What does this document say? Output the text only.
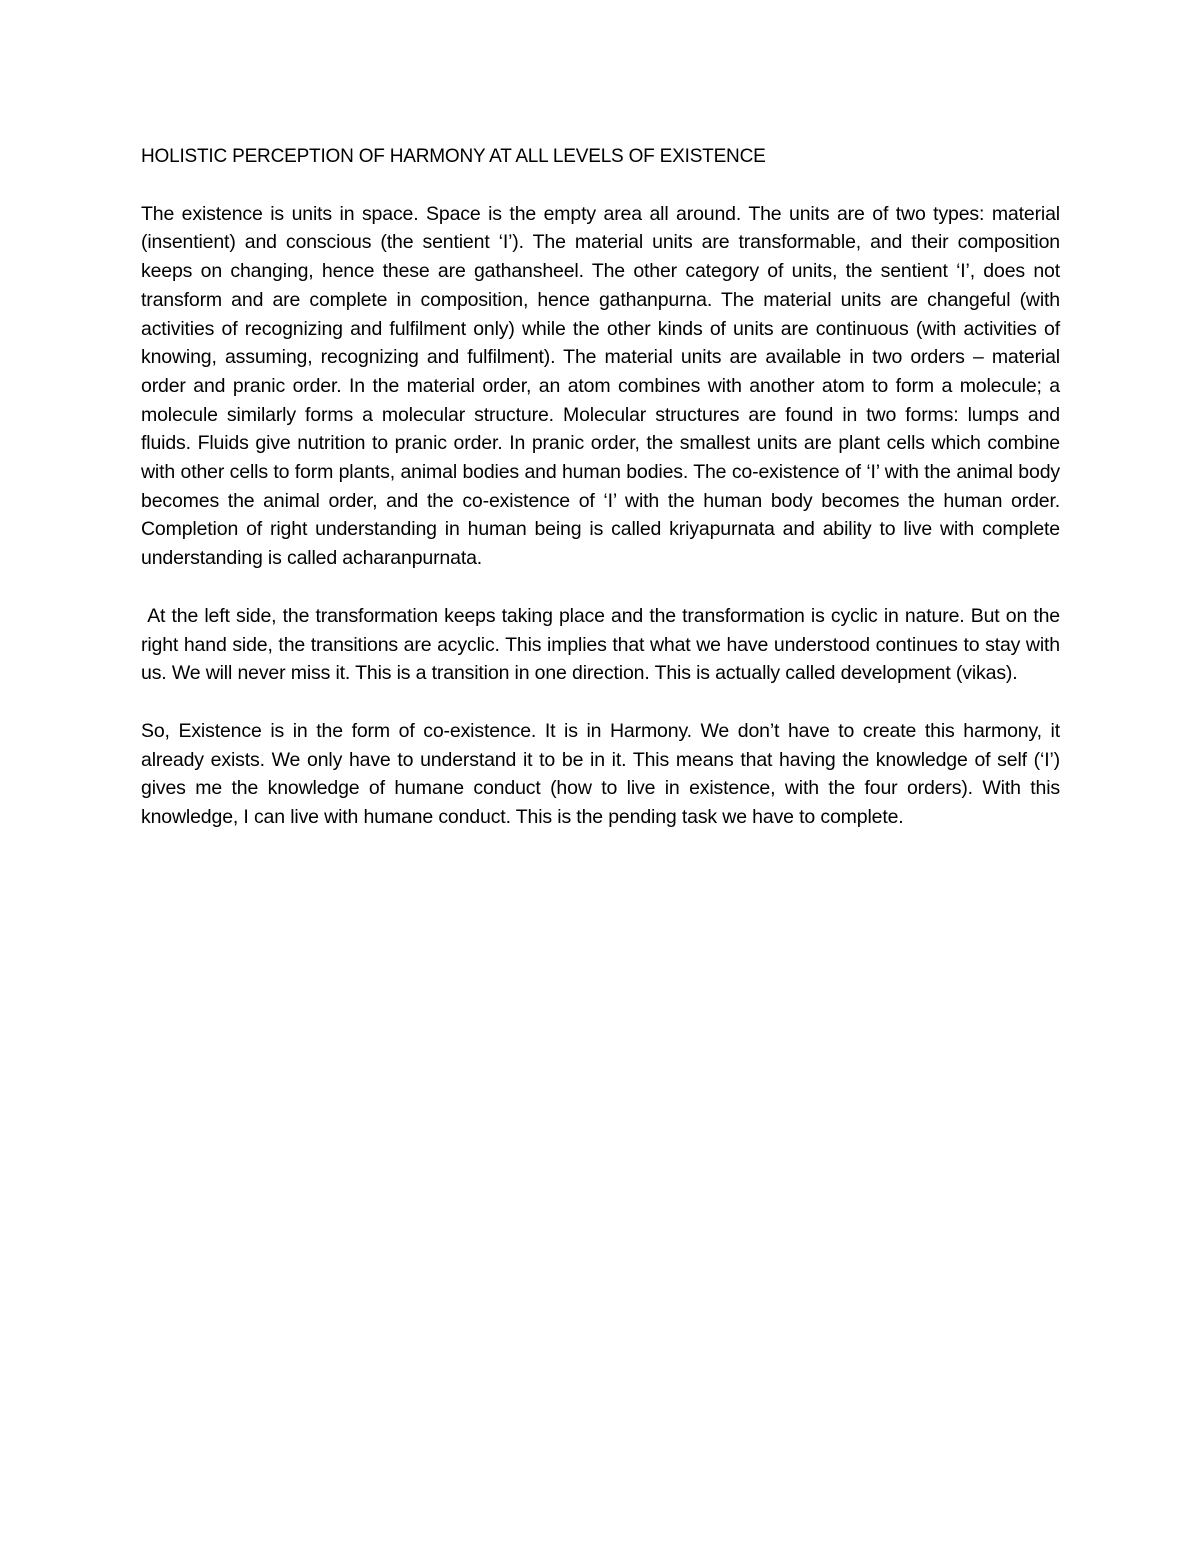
HOLISTIC PERCEPTION OF HARMONY AT ALL LEVELS OF EXISTENCE

The existence is units in space. Space is the empty area all around. The units are of two types: material (insentient) and conscious (the sentient ‘I’). The material units are transformable, and their composition keeps on changing, hence these are gathansheel. The other category of units, the sentient ‘I’, does not transform and are complete in composition, hence gathanpurna. The material units are changeful (with activities of recognizing and fulfilment only) while the other kinds of units are continuous (with activities of knowing, assuming, recognizing and fulfilment). The material units are available in two orders – material order and pranic order. In the material order, an atom combines with another atom to form a molecule; a molecule similarly forms a molecular structure. Molecular structures are found in two forms: lumps and fluids. Fluids give nutrition to pranic order. In pranic order, the smallest units are plant cells which combine with other cells to form plants, animal bodies and human bodies. The co-existence of ‘I’ with the animal body becomes the animal order, and the co-existence of ‘I’ with the human body becomes the human order. Completion of right understanding in human being is called kriyapurnata and ability to live with complete understanding is called acharanpurnata.

At the left side, the transformation keeps taking place and the transformation is cyclic in nature. But on the right hand side, the transitions are acyclic. This implies that what we have understood continues to stay with us. We will never miss it. This is a transition in one direction. This is actually called development (vikas).

So, Existence is in the form of co-existence. It is in Harmony. We don’t have to create this harmony, it already exists. We only have to understand it to be in it. This means that having the knowledge of self (‘I’) gives me the knowledge of humane conduct (how to live in existence, with the four orders). With this knowledge, I can live with humane conduct. This is the pending task we have to complete.
